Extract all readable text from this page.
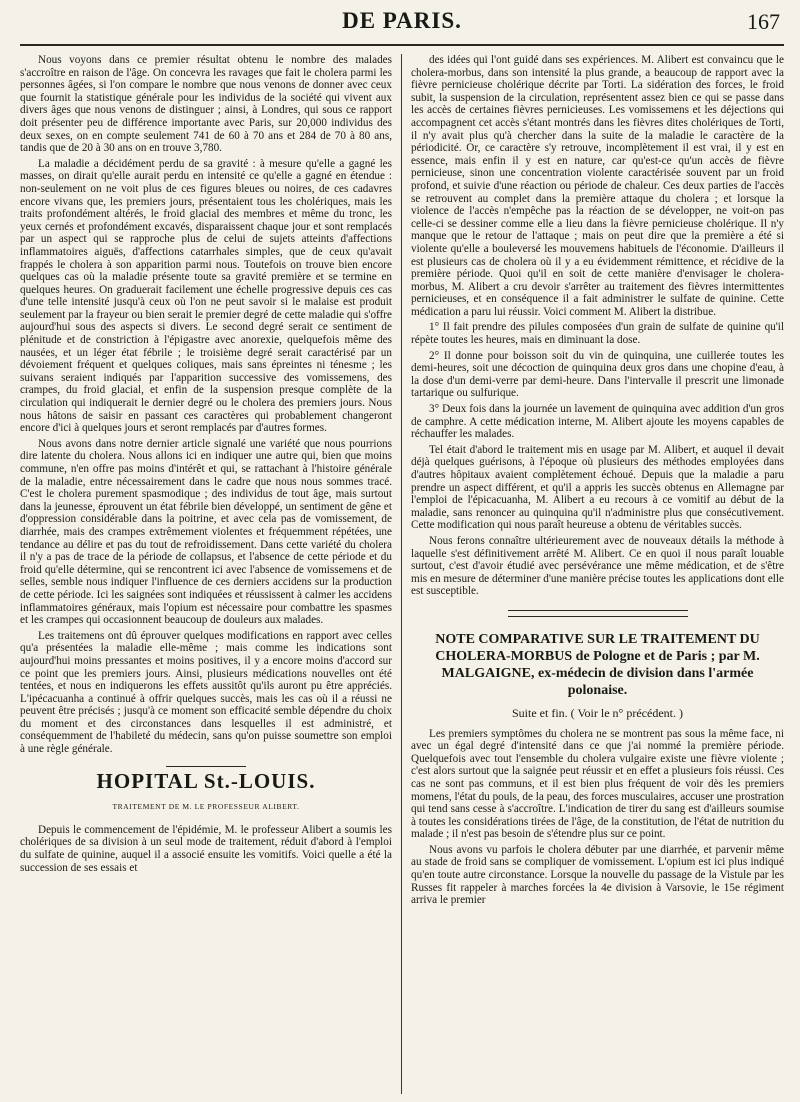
DE PARIS.	167

Nous voyons dans ce premier résultat obtenu le nombre des malades s'accroître en raison de l'âge. On concevra les ravages que fait le cholera parmi les personnes âgées, si l'on compare le nombre que nous venons de donner avec ceux que fournit la statistique générale pour les individus de la société qui vivent aux divers âges que nous venons de distinguer ; ainsi, à Londres, qui sous ce rapport doit présenter peu de différence importante avec Paris, sur 20,000 individus des deux sexes, on en compte seulement 741 de 60 à 70 ans et 284 de 70 à 80 ans, tandis que de 20 à 30 ans on en trouve 3,780.

La maladie a décidément perdu de sa gravité : à mesure qu'elle a gagné les masses, on dirait qu'elle aurait perdu en intensité ce qu'elle a gagné en étendue : non-seulement on ne voit plus de ces figures bleues ou noires, de ces cadavres encore vivans que, les premiers jours, présentaient tous les cholériques, mais les traits profondément altérés, le froid glacial des membres et même du tronc, les yeux cernés et profondément excavés, disparaissent chaque jour et sont remplacés par un aspect qui se rapproche plus de celui de sujets atteints d'affections inflammatoires aiguës, d'affections catarrhales simples, que de ceux qu'avait frappés le cholera à son apparition parmi nous. Toutefois on trouve bien encore quelques cas où la maladie présente toute sa gravité première et se termine en quelques heures. On graduerait facilement une échelle progressive depuis ces cas d'une telle intensité jusqu'à ceux où l'on ne peut savoir si le malaise est produit seulement par la frayeur ou bien serait le premier degré de cette maladie qui s'offre aujourd'hui sous des aspects si divers. Le second degré serait ce sentiment de plénitude et de constriction à l'épigastre avec anorexie, quelquefois même des nausées, et un léger état fébrile ; le troisième degré serait caractérisé par un dévoiement fréquent et quelques coliques, mais sans épreintes ni ténesme ; les suivans seraient indiqués par l'apparition successive des vomissemens, des crampes, du froid glacial, et enfin de la suspension presque complète de la circulation qui indiquerait le dernier degré ou le cholera des premiers jours. Nous nous hâtons de saisir en passant ces caractères qui probablement changeront encore d'ici à quelques jours et seront remplacés par d'autres formes.

Nous avons dans notre dernier article signalé une variété que nous pourrions dire latente du cholera. Nous allons ici en indiquer une autre qui, bien que moins commune, n'en offre pas moins d'intérêt et qui, se rattachant à l'histoire générale de la maladie, entre nécessairement dans le cadre que nous nous sommes tracé. C'est le cholera purement spasmodique ; des individus de tout âge, mais surtout dans la jeunesse, éprouvent un état fébrile bien développé, un sentiment de gêne et d'oppression considérable dans la poitrine, et avec cela pas de vomissement, de diarrhée, mais des crampes extrêmement violentes et fréquemment répétées, une tendance au délire et pas du tout de refroidissement. Dans cette variété du cholera il n'y a pas de trace de la période de collapsus, et l'absence de cette période et du froid qu'elle détermine, qui se rencontrent ici avec l'absence de vomissemens et de selles, semble nous indiquer l'influence de ces derniers accidens sur la production de cette période. Ici les saignées sont indiquées et réussissent à calmer les accidens inflammatoires généraux, mais l'opium est nécessaire pour combattre les spasmes et les crampes qui occasionnent beaucoup de douleurs aux malades.

Les traitemens ont dû éprouver quelques modifications en rapport avec celles qu'a présentées la maladie elle-même ; mais comme les indications sont aujourd'hui moins pressantes et moins positives, il y a encore moins d'accord sur ce point que les premiers jours. Ainsi, plusieurs médications nouvelles ont été tentées, et nous en indiquerons les effets aussitôt qu'ils auront pu être appréciés. L'ipécacuanha a continué à offrir quelques succès, mais les cas où il a réussi ne peuvent être précisés ; jusqu'à ce moment son efficacité semble dépendre du choix du moment et des circonstances dans lesquelles il est administré, et conséquemment de l'habileté du médecin, sans qu'on puisse soumettre son emploi à une règle générale.

HOPITAL St.-LOUIS.
TRAITEMENT DE M. LE PROFESSEUR ALIBERT.

Depuis le commencement de l'épidémie, M. le professeur Alibert a soumis les cholériques de sa division à un seul mode de traitement, réduit d'abord à l'emploi du sulfate de quinine, auquel il a associé ensuite les vomitifs. Voici quelle a été la succession de ses essais et

des idées qui l'ont guidé dans ses expériences. M. Alibert est convaincu que le cholera-morbus, dans son intensité la plus grande, a beaucoup de rapport avec la fièvre pernicieuse cholérique décrite par Torti. La sidération des forces, le froid subit, la suspension de la circulation, représentent assez bien ce qui se passe dans les accès de certaines fièvres pernicieuses. Les vomissemens et les déjections qui accompagnent cet accès s'étant montrés dans les fièvres dites cholériques de Torti, il n'y avait plus qu'à chercher dans la suite de la maladie le caractère de la périodicité. Or, ce caractère s'y retrouve, incomplètement il est vrai, il y est en essence, mais enfin il y est en nature, car qu'est-ce qu'un accès de fièvre pernicieuse, sinon une concentration violente caractérisée souvent par un froid profond, et suivie d'une réaction ou période de chaleur. Ces deux parties de l'accès se retrouvent au complet dans la première attaque du cholera ; et lorsque la violence de l'accès n'empêche pas la réaction de se développer, ne voit-on pas celle-ci se dessiner comme elle a lieu dans la fièvre pernicieuse cholérique. Il n'y manque que le retour de l'attaque ; mais on peut dire que la première a été si violente qu'elle a bouleversé les mouvemens habituels de l'économie. D'ailleurs il est plusieurs cas de cholera où il y a eu évidemment rémittence, et récidive de la première période. Quoi qu'il en soit de cette manière d'envisager le cholera-morbus, M. Alibert a cru devoir s'arrêter au traitement des fièvres intermittentes pernicieuses, et en conséquence il a fait administrer le sulfate de quinine. Cette médication a paru lui réussir. Voici comment M. Alibert la distribue.

1° Il fait prendre des pilules composées d'un grain de sulfate de quinine qu'il répète toutes les heures, mais en diminuant la dose.

2° Il donne pour boisson soit du vin de quinquina, une cuillerée toutes les demi-heures, soit une décoction de quinquina deux gros dans une chopine d'eau, à la dose d'un demi-verre par demi-heure. Dans l'intervalle il prescrit une limonade tartarique ou sulfurique.

3° Deux fois dans la journée un lavement de quinquina avec addition d'un gros de camphre. A cette médication interne, M. Alibert ajoute les moyens capables de réchauffer les malades.

Tel était d'abord le traitement mis en usage par M. Alibert, et auquel il devait déjà quelques guérisons, à l'époque où plusieurs des méthodes employées dans d'autres hôpitaux avaient complètement échoué. Depuis que la maladie a paru prendre un aspect différent, et qu'il a appris les succès obtenus en Allemagne par l'emploi de l'épicacuanha, M. Alibert a eu recours à ce vomitif au début de la maladie, sans renoncer au quinquina qu'il n'administre plus que consécutivement. Cette modification qui nous paraît heureuse a obtenu de véritables succès.

Nous ferons connaître ultérieurement avec de nouveaux détails la méthode à laquelle s'est définitivement arrêté M. Alibert. Ce en quoi il nous paraît louable surtout, c'est d'avoir étudié avec persévérance une même médication, et de s'être mis en mesure de déterminer d'une manière précise toutes les applications dont elle est susceptible.

NOTE COMPARATIVE SUR LE TRAITEMENT DU CHOLERA-MORBUS de Pologne et de Paris ; par M. MALGAIGNE, ex-médecin de division dans l'armée polonaise.
Suite et fin. ( Voir le n° précédent. )

Les premiers symptômes du cholera ne se montrent pas sous la même face, ni avec un égal degré d'intensité dans ce que j'ai nommé la première période. Quelquefois avec tout l'ensemble du cholera vulgaire existe une fièvre violente ; c'est alors surtout que la saignée peut réussir et en effet a plusieurs fois réussi. Ces cas ne sont pas communs, et il est bien plus fréquent de voir dès les premiers momens, l'état du pouls, de la peau, des forces musculaires, accuser une prostration qui tend sans cesse à s'accroître. L'indication de tirer du sang est d'ailleurs soumise à toutes les considérations tirées de l'âge, de la constitution, de l'état de nutrition du malade ; il n'est pas besoin de s'étendre plus sur ce point.

Nous avons vu parfois le cholera débuter par une diarrhée, et parvenir même au stade de froid sans se compliquer de vomissement. L'opium est ici plus indiqué qu'en toute autre circonstance. Lorsque la nouvelle du passage de la Vistule par les Russes fit rappeler à marches forcées la 4e division à Varsovie, le 15e régiment arriva le premier
